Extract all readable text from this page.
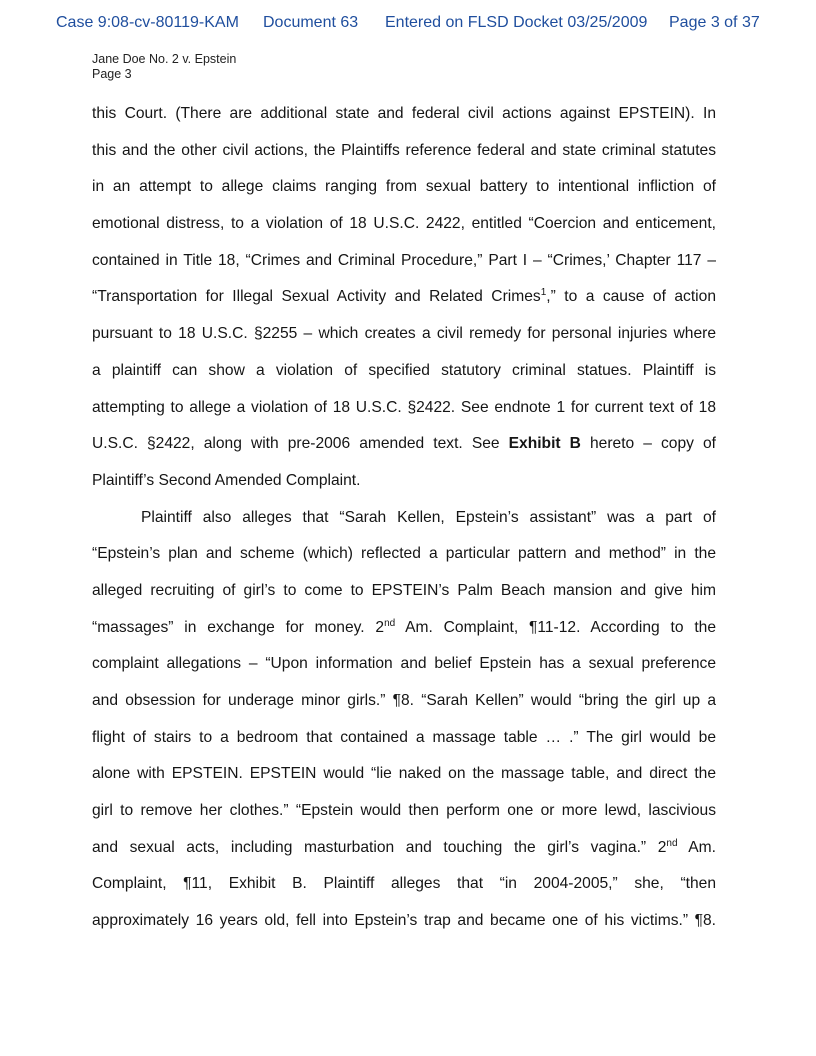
Case 9:08-cv-80119-KAM Document 63 Entered on FLSD Docket 03/25/2009 Page 3 of 37
Jane Doe No. 2 v. Epstein
Page 3
this Court. (There are additional state and federal civil actions against EPSTEIN). In
this and the other civil actions, the Plaintiffs reference federal and state criminal statutes
in an attempt to allege claims ranging from sexual battery to intentional infliction of
emotional distress, to a violation of 18 U.S.C. 2422, entitled “Coercion and enticement,
contained in Title 18, “Crimes and Criminal Procedure,” Part I – “Crimes,’ Chapter 117 –
“Transportation for Illegal Sexual Activity and Related Crimes$^1$,” to a cause of action
pursuant to 18 U.S.C. §2255 – which creates a civil remedy for personal injuries where
a plaintiff can show a violation of specified statutory criminal statues. Plaintiff is
attempting to allege a violation of 18 U.S.C. §2422. See endnote 1 for current text of 18
U.S.C. §2422, along with pre-2006 amended text. See Exhibit B hereto – copy of
Plaintiff’s Second Amended Complaint.
Plaintiff also alleges that “Sarah Kellen, Epstein’s assistant” was a part of
“Epstein’s plan and scheme (which) reflected a particular pattern and method” in the
alleged recruiting of girl’s to come to EPSTEIN’s Palm Beach mansion and give him
“massages” in exchange for money. 2nd Am. Complaint, ¶11-12. According to the
complaint allegations – “Upon information and belief Epstein has a sexual preference
and obsession for underage minor girls.” ¶8. “Sarah Kellen” would “bring the girl up a
flight of stairs to a bedroom that contained a massage table … .” The girl would be
alone with EPSTEIN. EPSTEIN would “lie naked on the massage table, and direct the
girl to remove her clothes.” “Epstein would then perform one or more lewd, lascivious
and sexual acts, including masturbation and touching the girl’s vagina.” 2nd Am.
Complaint, ¶11, Exhibit B. Plaintiff alleges that “in 2004-2005,” she, “then
approximately 16 years old, fell into Epstein’s trap and became one of his victims.” ¶8.
